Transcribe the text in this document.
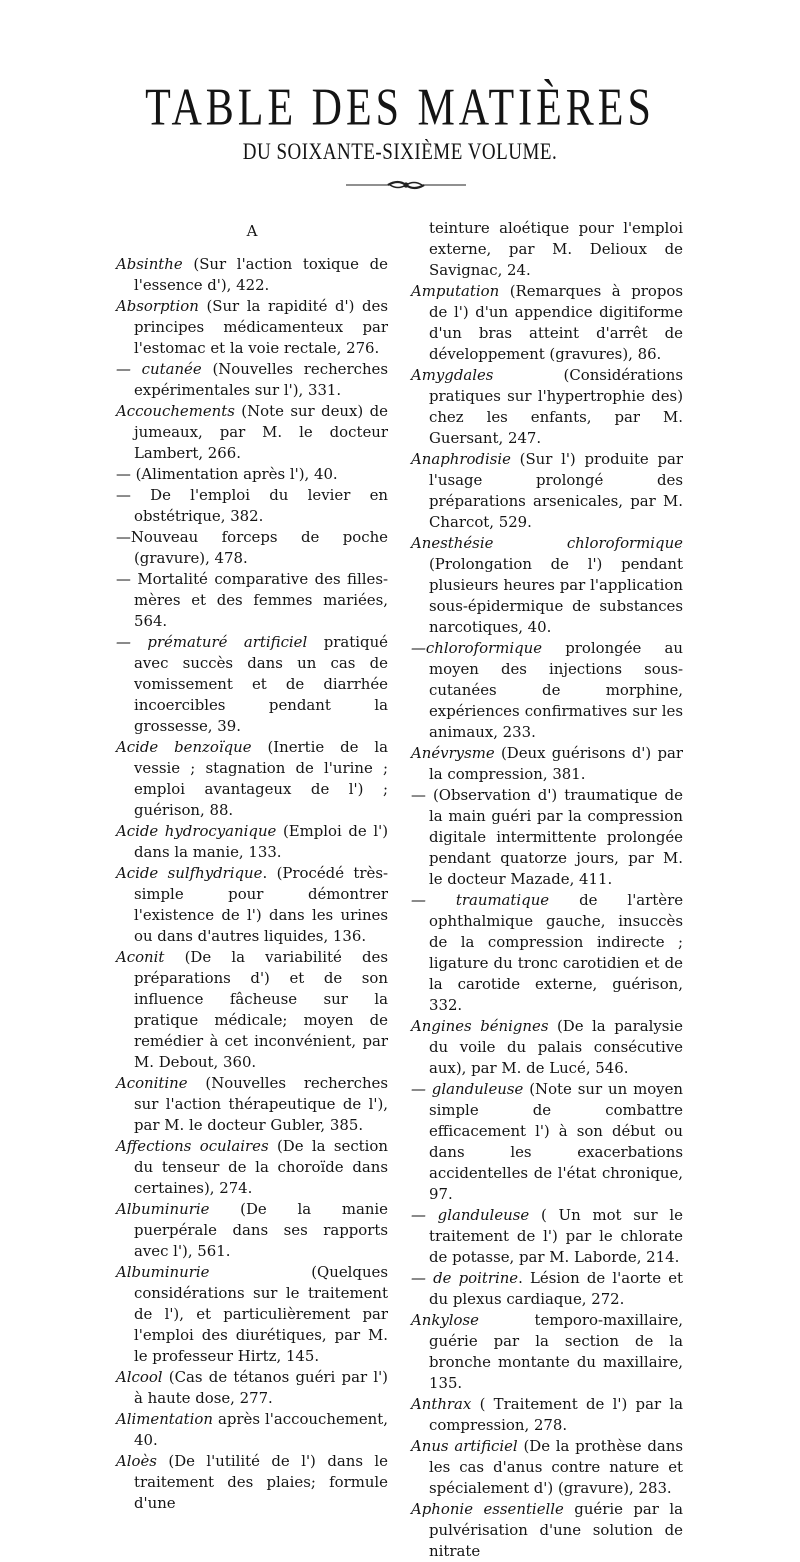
TABLE DES MATIÈRES
DU SOIXANTE-SIXIÈME VOLUME.
A

Absinthe (Sur l'action toxique de l'essence d'), 422.

Absorption (Sur la rapidité d') des principes médicamenteux par l'estomac et la voie rectale, 276.

— cutanée (Nouvelles recherches expérimentales sur l'), 331.

Accouchements (Note sur deux) de jumeaux, par M. le docteur Lambert, 266.

— (Alimentation après l'), 40.

— De l'emploi du levier en obstétrique, 382.

—Nouveau forceps de poche (gravure), 478.

— Mortalité comparative des filles-mères et des femmes mariées, 564.

— prématuré artificiel pratiqué avec succès dans un cas de vomissement et de diarrhée incoercibles pendant la grossesse, 39.

Acide benzoïque (Inertie de la vessie ; stagnation de l'urine ; emploi avantageux de l') ; guérison, 88.

Acide hydrocyanique (Emploi de l') dans la manie, 133.

Acide sulfhydrique. (Procédé très-simple pour démontrer l'existence de l') dans les urines ou dans d'autres liquides, 136.

Aconit (De la variabilité des préparations d') et de son influence fâcheuse sur la pratique médicale; moyen de remédier à cet inconvénient, par M. Debout, 360.

Aconitine (Nouvelles recherches sur l'action thérapeutique de l'), par M. le docteur Gubler, 385.

Affections oculaires (De la section du tenseur de la choroïde dans certaines), 274.

Albuminurie (De la manie puerpérale dans ses rapports avec l'), 561.

Albuminurie (Quelques considérations sur le traitement de l'), et particulièrement par l'emploi des diurétiques, par M. le professeur Hirtz, 145.

Alcool (Cas de tétanos guéri par l') à haute dose, 277.

Alimentation après l'accouchement, 40.

Aloès (De l'utilité de l') dans le traitement des plaies; formule d'une

teinture aloétique pour l'emploi externe, par M. Delioux de Savignac, 24.

Amputation (Remarques à propos de l') d'un appendice digitiforme d'un bras atteint d'arrêt de développement (gravures), 86.

Amygdales (Considérations pratiques sur l'hypertrophie des) chez les enfants, par M. Guersant, 247.

Anaphrodisie (Sur l') produite par l'usage prolongé des préparations arsenicales, par M. Charcot, 529.

Anesthésie chloroformique (Prolongation de l') pendant plusieurs heures par l'application sous-épidermique de substances narcotiques, 40.

—chloroformique prolongée au moyen des injections sous-cutanées de morphine, expériences confirmatives sur les animaux, 233.

Anévrysme (Deux guérisons d') par la compression, 381.

— (Observation d') traumatique de la main guéri par la compression digitale intermittente prolongée pendant quatorze jours, par M. le docteur Mazade, 411.

— traumatique de l'artère ophthalmique gauche, insuccès de la compression indirecte ; ligature du tronc carotidien et de la carotide externe, guérison, 332.

Angines bénignes (De la paralysie du voile du palais consécutive aux), par M. de Lucé, 546.

— glanduleuse (Note sur un moyen simple de combattre efficacement l') à son début ou dans les exacerbations accidentelles de l'état chronique, 97.

— glanduleuse ( Un mot sur le traitement de l') par le chlorate de potasse, par M. Laborde, 214.

— de poitrine. Lésion de l'aorte et du plexus cardiaque, 272.

Ankylose temporo-maxillaire, guérie par la section de la bronche montante du maxillaire, 135.

Anthrax ( Traitement de l') par la compression, 278.

Anus artificiel (De la prothèse dans les cas d'anus contre nature et spécialement d') (gravure), 283.

Aphonie essentielle guérie par la pulvérisation d'une solution de nitrate
